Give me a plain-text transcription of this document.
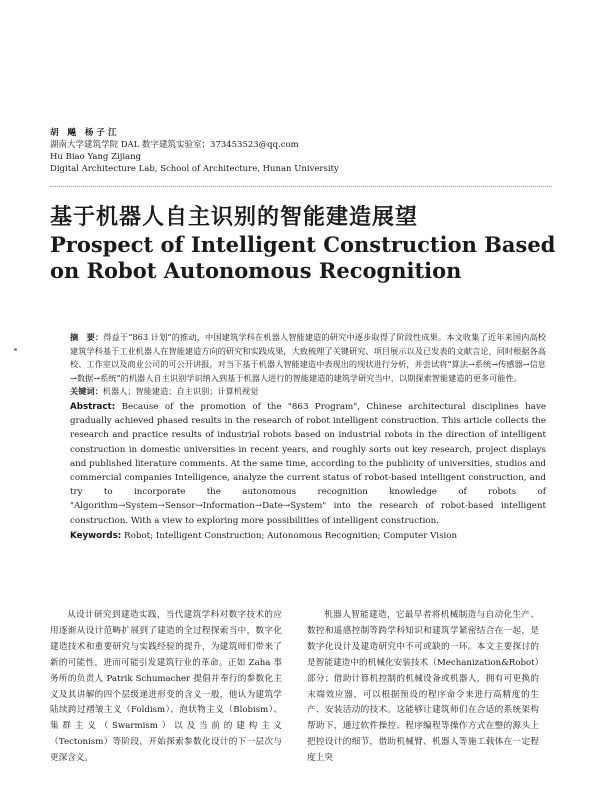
胡 飚 杨子江
湖南大学建筑学院 DAL 数字建筑实验室；373453523@qq.com
Hu Biao Yang Zijiang
Digital Architecture Lab, School of Architecture, Hunan University
基于机器人自主识别的智能建造展望
Prospect of Intelligent Construction Based on Robot Autonomous Recognition

摘　要：得益于“863 计划”的推动，中国建筑学科在机器人智能建造的研究中逐步取得了阶段性成果。本文收集了近年来国内高校建筑学科基于工业机器人在智能建造方向的研究和实践成果，大致梳理了关键研究、项目展示以及已发表的文献言论，同时根据各高校、工作室以及商业公司的可公开讲报，对当下基于机器人智能建造中表现出的现状进行分析，并尝试将“算法→系统→传感器→信息→数据→系统”的机器人自主识别学识纳入到基于机器人进行的智能建造的建筑学研究当中，以期探索智能建造的更多可能性。

关键词：机器人；智能建造；自主识别；计算机视觉

Abstract: Because of the promotion of the "863 Program", Chinese architectural disciplines have gradually achieved phased results in the research of robot intelligent construction. This article collects the research and practice results of industrial robots based on industrial robots in the direction of intelligent construction in domestic universities in recent years, and roughly sorts out key research, project displays and published literature comments. At the same time, according to the publicity of universities, studios and commercial companies Intelligence, analyze the current status of robot-based intelligent construction, and try to incorporate the autonomous recognition knowledge of robots of "Algorithm→System→Sensor→Information→Date→System" into the research of robot-based intelligent construction. With a view to exploring more possibilities of intelligent construction.

Keywords: Robot; Intelligent Construction; Autonomous Recognition; Computer Vision

从设计研究到建造实践，当代建筑学科对数字技术的应用逐渐从设计范畴扩展到了建造的全过程探索当中，数字化建造技术和重要研究与实践经验的提升，为建筑师们带来了新的可能性，进而可能引发建筑行业的革命。正如 Zaha 事务所的负责人 Patrik Schumacher 提倡并奉行的参数化主义及其讲解的四个层级递进形变的含义一般，他认为建筑学陆续跨过褶皱主义（Foldism）、泡状物主义（Blobism）、集群主义（Swarmism）以及当前的建构主义（Tectonism）等阶段，开始探索参数化设计的下一层次与更深含义。

机器人智能建造，它最早者将机械制造与自动化生产、数控和遥感控制等跨学科知识和建筑学紧密结合在一起，是数字化设计及建造研究中不可或缺的一环。本文主要探讨的是智能建造中的机械化安装技术（Mechanization&Robot）部分；借助计算机控制的机械设备或机器人，拥有可更换的末端效应器，可以根据预设的程序命令来进行高精度的生产、安装活动的技术。这能够让建筑师们在合适的系统架构帮助下，通过软件操控、程序编程等操作方式在整的源头上把控设计的细节，借助机械臂、机器人等施工载体在一定程度上突
